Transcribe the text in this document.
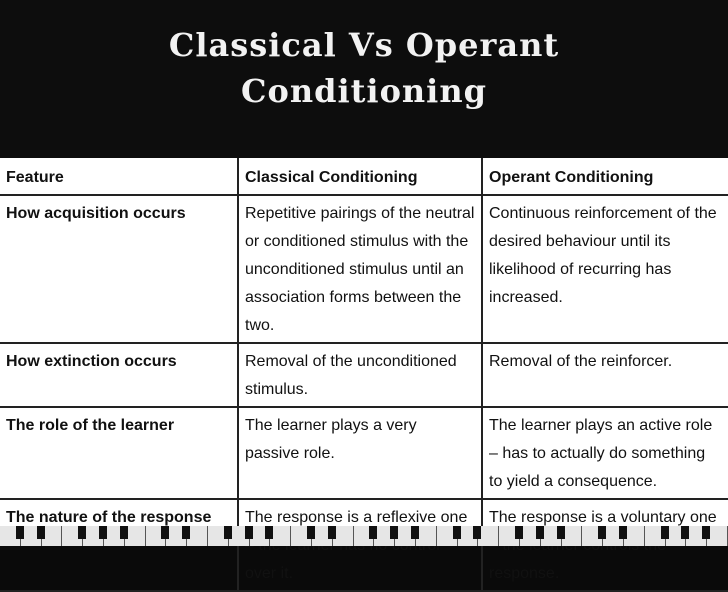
Classical Vs Operant
Conditioning
Feature	Classical Conditioning	Operant Conditioning
How acquisition occurs	Repetitive pairings of the neutral or conditioned stimulus with the unconditioned stimulus until an association forms between the two.	Continuous reinforcement of the desired behaviour until its likelihood of recurring has increased.
How extinction occurs	Removal of the unconditioned stimulus.	Removal of the reinforcer.
The role of the learner	The learner plays a very passive role.	The learner plays an active role – has to actually do something to yield a consequence.
The nature of the response	The response is a reflexive one over it.	The response is a voluntary one response.
